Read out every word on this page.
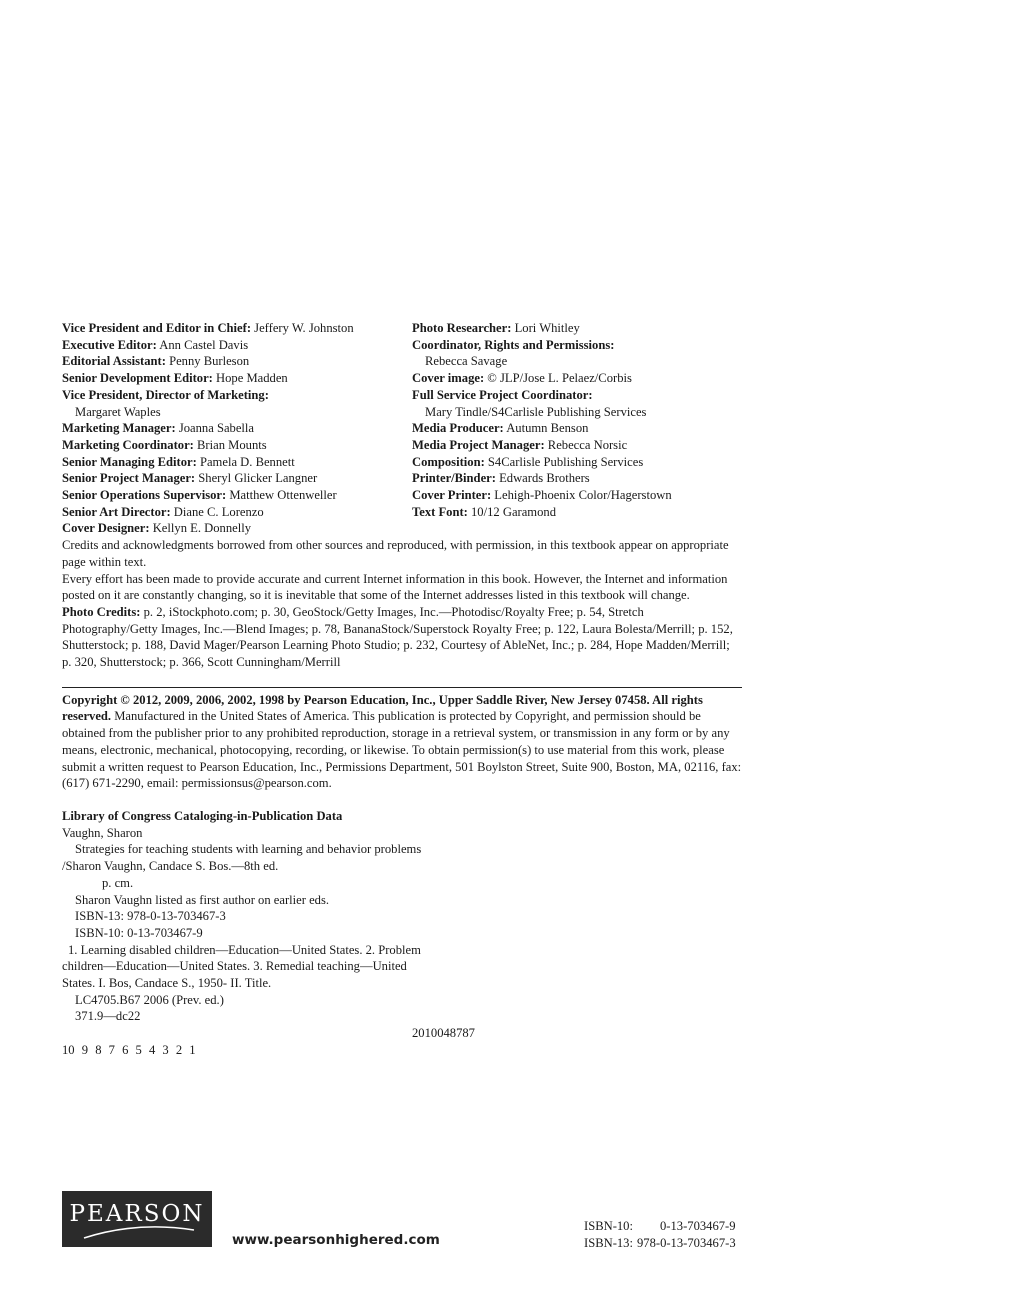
Vice President and Editor in Chief: Jeffery W. Johnston

Executive Editor: Ann Castel Davis

Editorial Assistant: Penny Burleson

Senior Development Editor: Hope Madden

Vice President, Director of Marketing:

Margaret Waples

Marketing Manager: Joanna Sabella

Marketing Coordinator: Brian Mounts

Senior Managing Editor: Pamela D. Bennett

Senior Project Manager: Sheryl Glicker Langner

Senior Operations Supervisor: Matthew Ottenweller

Senior Art Director: Diane C. Lorenzo

Cover Designer: Kellyn E. Donnelly

Photo Researcher: Lori Whitley

Coordinator, Rights and Permissions:

Rebecca Savage

Cover image: © JLP/Jose L. Pelaez/Corbis

Full Service Project Coordinator:

Mary Tindle/S4Carlisle Publishing Services

Media Producer: Autumn Benson

Media Project Manager: Rebecca Norsic

Composition: S4Carlisle Publishing Services

Printer/Binder: Edwards Brothers

Cover Printer: Lehigh-Phoenix Color/Hagerstown

Text Font: 10/12 Garamond

Credits and acknowledgments borrowed from other sources and reproduced, with permission, in this textbook appear on appropriate page within text.

Every effort has been made to provide accurate and current Internet information in this book. However, the Internet and information posted on it are constantly changing, so it is inevitable that some of the Internet addresses listed in this textbook will change.

Photo Credits: p. 2, iStockphoto.com; p. 30, GeoStock/Getty Images, Inc.—Photodisc/Royalty Free; p. 54, Stretch Photography/Getty Images, Inc.—Blend Images; p. 78, BananaStock/Superstock Royalty Free; p. 122, Laura Bolesta/Merrill; p. 152, Shutterstock; p. 188, David Mager/Pearson Learning Photo Studio; p. 232, Courtesy of AbleNet, Inc.; p. 284, Hope Madden/Merrill; p. 320, Shutterstock; p. 366, Scott Cunningham/Merrill

Copyright © 2012, 2009, 2006, 2002, 1998 by Pearson Education, Inc., Upper Saddle River, New Jersey 07458. All rights reserved. Manufactured in the United States of America. This publication is protected by Copyright, and permission should be obtained from the publisher prior to any prohibited reproduction, storage in a retrieval system, or transmission in any form or by any means, electronic, mechanical, photocopying, recording, or likewise. To obtain permission(s) to use material from this work, please submit a written request to Pearson Education, Inc., Permissions Department, 501 Boylston Street, Suite 900, Boston, MA, 02116, fax: (617) 671-2290, email: permissionsus@pearson.com.

Library of Congress Cataloging-in-Publication Data

Vaughn, Sharon

Strategies for teaching students with learning and behavior problems

/Sharon Vaughn, Candace S. Bos.—8th ed.

p. cm.

Sharon Vaughn listed as first author on earlier eds.

ISBN-13: 978-0-13-703467-3

ISBN-10: 0-13-703467-9

1. Learning disabled children—Education—United States. 2. Problem

children—Education—United States. 3. Remedial teaching—United

States. I. Bos, Candace S., 1950- II. Title.

LC4705.B67 2006 (Prev. ed.)

371.9—dc22

2010048787

10 9 8 7 6 5 4 3 2 1

PEARSON
www.pearsonhighered.com
ISBN-10:	0-13-703467-9
ISBN-13: 978-0-13-703467-3
